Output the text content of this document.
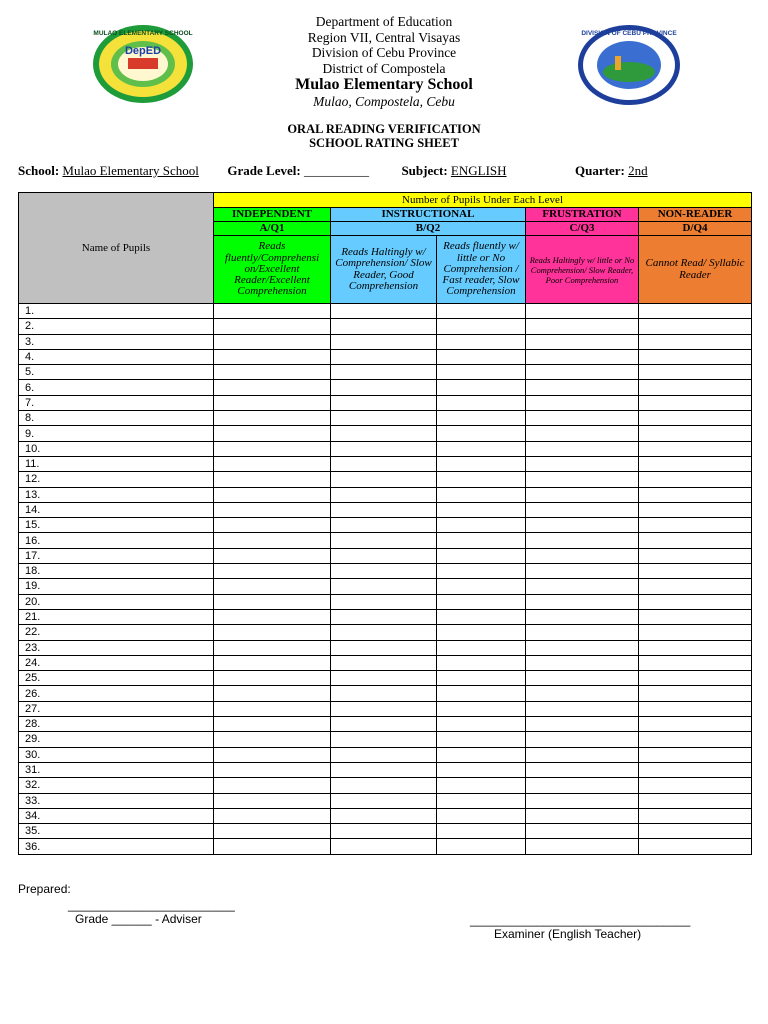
DepED
MULAO ELEMENTARY SCHOOL	DIVISION OF CEBU PROVINCE
Department of Education
Region VII, Central Visayas
Division of Cebu Province
District of Compostela
Mulao Elementary School
Mulao, Compostela, Cebu
ORAL READING VERIFICATION
SCHOOL RATING SHEET
School: Mulao Elementary School Grade Level: __________	Subject: ENGLISH	Quarter: 2nd
Name of Pupils	Number of Pupils Under Each Level				
	INDEPENDENT	INSTRUCTIONAL		FRUSTRATION	NON-READER
	A/Q1	B/Q2		C/Q3	D/Q4
	Reads fluently/Comprehensi on/Excellent Reader/Excellent Comprehension	Reads Haltingly w/ Comprehension/ Slow Reader, Good Comprehension	Reads fluently w/ little or No Comprehension / Fast reader, Slow Comprehension	Reads Haltingly w/ little or No Comprehension/ Slow Reader, Poor Comprehension	Cannot Read/ Syllabic Reader
1.					
2.					
3.					
4.					
5.					
6.					
7.					
8.					
9.					
10.					
11.					
12.					
13.					
14.					
15.					
16.					
17.					
18.					
19.					
20.					
21.					
22.					
23.					
24.					
25.					
26.					
27.					
28.					
29.					
30.					
31.					
32.					
33.					
34.					
35.					
36.					
Prepared:
_________________________
Grade ______ - Adviser	_________________________________
Examiner (English Teacher)
